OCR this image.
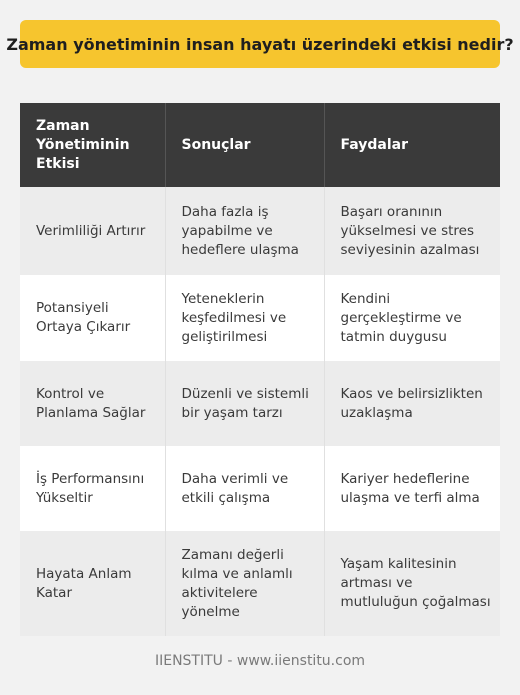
Zaman yönetiminin insan hayatı üzerindeki etkisi nedir?
Zaman Yönetiminin Etkisi	Sonuçlar	Faydalar
Verimliliği Artırır	Daha fazla iş yapabilme ve hedeflere ulaşma	Başarı oranının yükselmesi ve stres seviyesinin azalması
Potansiyeli Ortaya Çıkarır	Yeteneklerin keşfedilmesi ve geliştirilmesi	Kendini gerçekleştirme ve tatmin duygusu
Kontrol ve Planlama Sağlar	Düzenli ve sistemli bir yaşam tarzı	Kaos ve belirsizlikten uzaklaşma
İş Performansını Yükseltir	Daha verimli ve etkili çalışma	Kariyer hedeflerine ulaşma ve terfi alma
Hayata Anlam Katar	Zamanı değerli kılma ve anlamlı aktivitelere yönelme	Yaşam kalitesinin artması ve mutluluğun çoğalması
IIENSTITU - www.iienstitu.com
